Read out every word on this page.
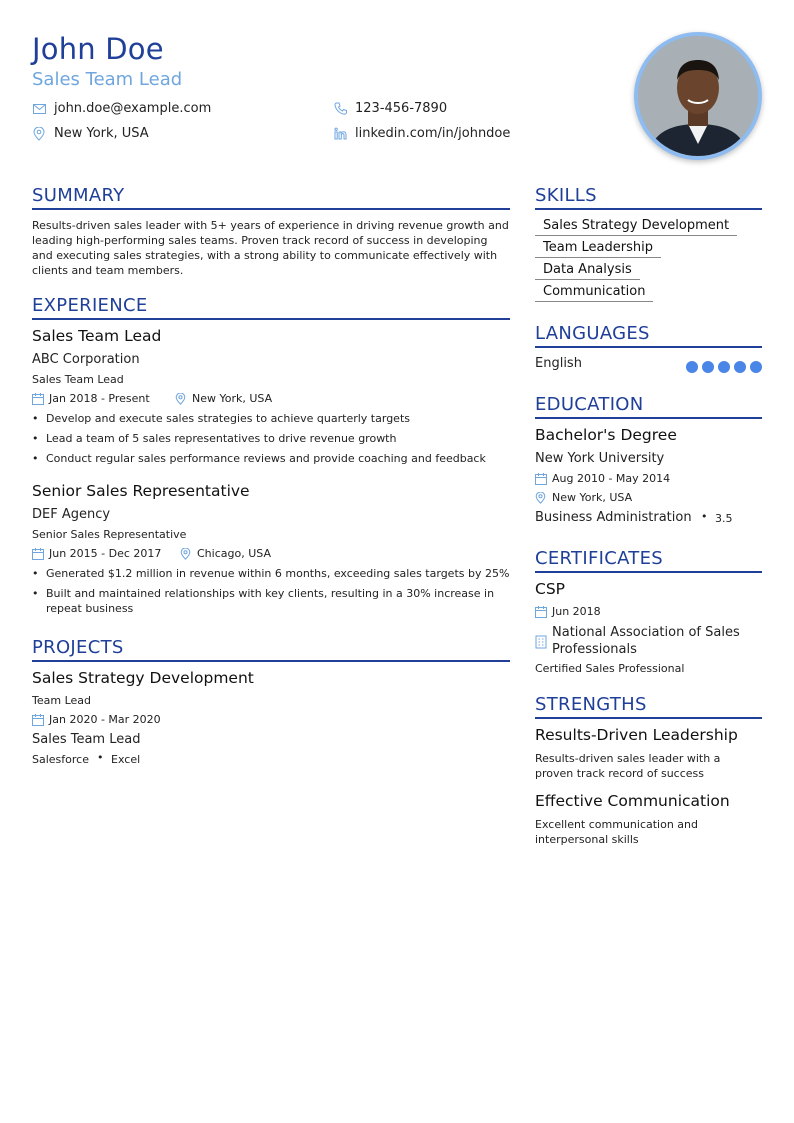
John Doe
Sales Team Lead
john.doe@example.com	123-456-7890
New York, USA	linkedin.com/in/johndoe
SUMMARY
Results-driven sales leader with 5+ years of experience in driving revenue growth and leading high-performing sales teams. Proven track record of success in developing and executing sales strategies, with a strong ability to communicate effectively with clients and team members.
EXPERIENCE
Sales Team Lead
ABC Corporation
Sales Team Lead
Jan 2018 - Present	New York, USA
• Develop and execute sales strategies to achieve quarterly targets
• Lead a team of 5 sales representatives to drive revenue growth
• Conduct regular sales performance reviews and provide coaching and feedback
Senior Sales Representative
DEF Agency
Senior Sales Representative
Jun 2015 - Dec 2017	Chicago, USA
• Generated $1.2 million in revenue within 6 months, exceeding sales targets by 25%
• Built and maintained relationships with key clients, resulting in a 30% increase in repeat business
PROJECTS
Sales Strategy Development
Team Lead
Jan 2020 - Mar 2020
Sales Team Lead
Salesforce • Excel
SKILLS
Sales Strategy Development
Team Leadership
Data Analysis
Communication
LANGUAGES
English
EDUCATION
Bachelor's Degree
New York University
Aug 2010 - May 2014
New York, USA
Business Administration • 3.5
CERTIFICATES
CSP
Jun 2018
National Association of Sales Professionals
Certified Sales Professional
STRENGTHS
Results-Driven Leadership
Results-driven sales leader with a proven track record of success
Effective Communication
Excellent communication and interpersonal skills
